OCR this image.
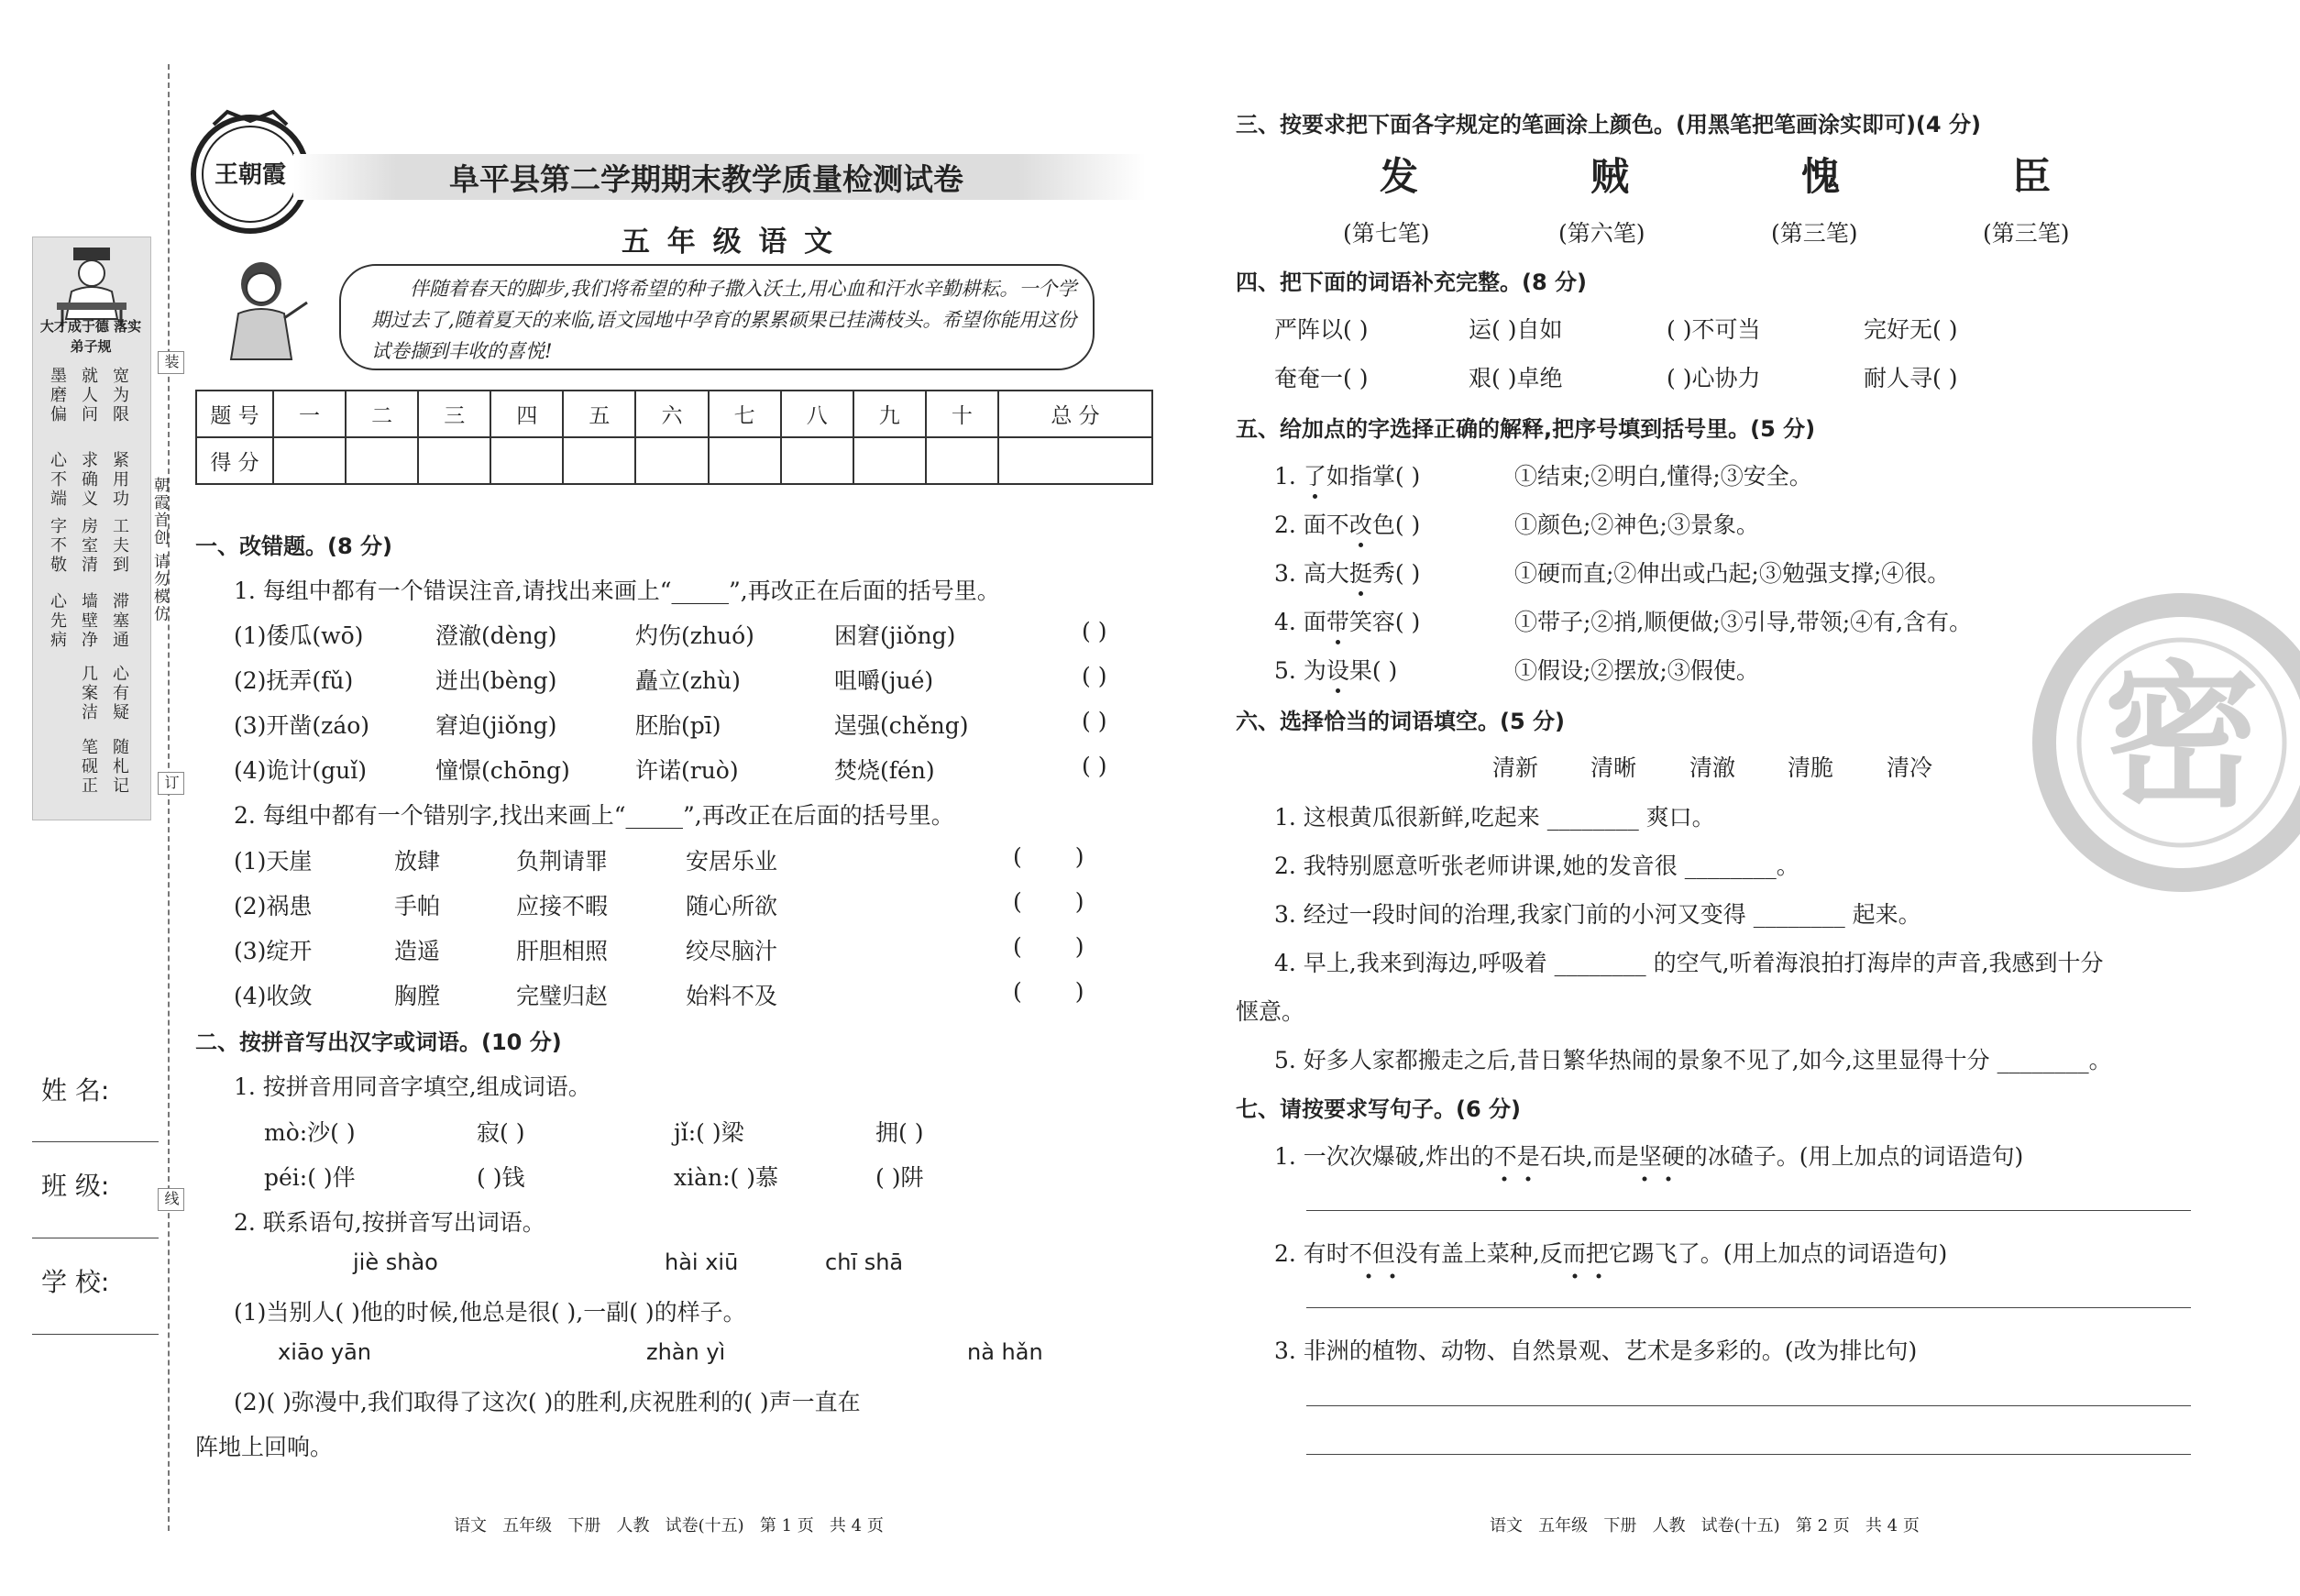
大才成于德 落实弟子规
宽为限
紧用功
工夫到
滞塞通
心有疑
随札记
就人问
求确义
房室清
墙壁净
几案洁
笔砚正
墨磨偏
心不端
字不敬
心先病
装
订
线
朝霞首创 请勿模仿
姓 名:
班 级:
学 校:
王朝霞	阜平县第二学期期末教学质量检测试卷
五 年 级 语 文
伴随着春天的脚步,我们将希望的种子撒入沃土,用心血和汗水辛勤耕耘。一个学期过去了,随着夏天的来临,语文园地中孕育的累累硕果已挂满枝头。希望你能用这份试卷撷到丰收的喜悦!
题 号	一	二	三	四	五	六	七	八	九	十	总 分
得 分											
一、改错题。(8 分)
1. 每组中都有一个错误注音,请找出来画上“_____”,再改正在后面的括号里。
(1)倭瓜(wō)	澄澈(dèng)	灼伤(zhuó)	困窘(jiǒng)	( )
(2)抚弄(fǔ)	迸出(bèng)	矗立(zhù)	咀嚼(jué)	( )
(3)开凿(záo)	窘迫(jiǒng)	胚胎(pī)	逞强(chěng)	( )
(4)诡计(guǐ)	憧憬(chōng)	许诺(ruò)	焚烧(fén)	( )
2. 每组中都有一个错别字,找出来画上“_____”,再改正在后面的括号里。
(1)天崖	放肆	负荆请罪	安居乐业	( )
(2)祸患	手帕	应接不暇	随心所欲	( )
(3)绽开	造遥	肝胆相照	绞尽脑汁	( )
(4)收敛	胸膛	完璧归赵	始料不及	( )
二、按拼音写出汉字或词语。(10 分)
1. 按拼音用同音字填空,组成词语。
mò:沙( )	寂( )	jǐ:( )梁	拥( )
péi:( )伴	( )钱	xiàn:( )慕	( )阱
2. 联系语句,按拼音写出词语。
jiè shào	hài xiū	chī shā
(1)当别人( )他的时候,他总是很( ),一副( )的样子。
xiāo yān	zhàn yì	nà hǎn
(2)( )弥漫中,我们取得了这次( )的胜利,庆祝胜利的( )声一直在
阵地上回响。
语文   五年级   下册   人教   试卷(十五)   第 1 页   共 4 页
三、按要求把下面各字规定的笔画涂上颜色。(用黑笔把笔画涂实即可)(4 分)
发	贼	愧	臣
(第七笔)	(第六笔)	(第三笔)	(第三笔)
四、把下面的词语补充完整。(8 分)
严阵以( )	运( )自如	( )不可当	完好无( )
奄奄一( )	艰( )卓绝	( )心协力	耐人寻( )
五、给加点的字选择正确的解释,把序号填到括号里。(5 分)
1. 了如指掌( )	①结束;②明白,懂得;③安全。
2. 面不改色( )	①颜色;②神色;③景象。
3. 高大挺秀( )	①硬而直;②伸出或凸起;③勉强支撑;④很。
4. 面带笑容( )	①带子;②捎,顺便做;③引导,带领;④有,含有。
5. 为设果( )	①假设;②摆放;③假使。
六、选择恰当的词语填空。(5 分)
清新 清晰 清澈 清脆 清冷
1. 这根黄瓜很新鲜,吃起来 ________ 爽口。
2. 我特别愿意听张老师讲课,她的发音很 ________。
3. 经过一段时间的治理,我家门前的小河又变得 ________ 起来。
4. 早上,我来到海边,呼吸着 ________ 的空气,听着海浪拍打海岸的声音,我感到十分
惬意。
5. 好多人家都搬走之后,昔日繁华热闹的景象不见了,如今,这里显得十分 ________。
七、请按要求写句子。(6 分)
1. 一次次爆破,炸出的不是石块,而是坚硬的冰碴子。(用上加点的词语造句)
2. 有时不但没有盖上菜种,反而把它踢飞了。(用上加点的词语造句)
3. 非洲的植物、动物、自然景观、艺术是多彩的。(改为排比句)
密
语文   五年级   下册   人教   试卷(十五)   第 2 页   共 4 页
